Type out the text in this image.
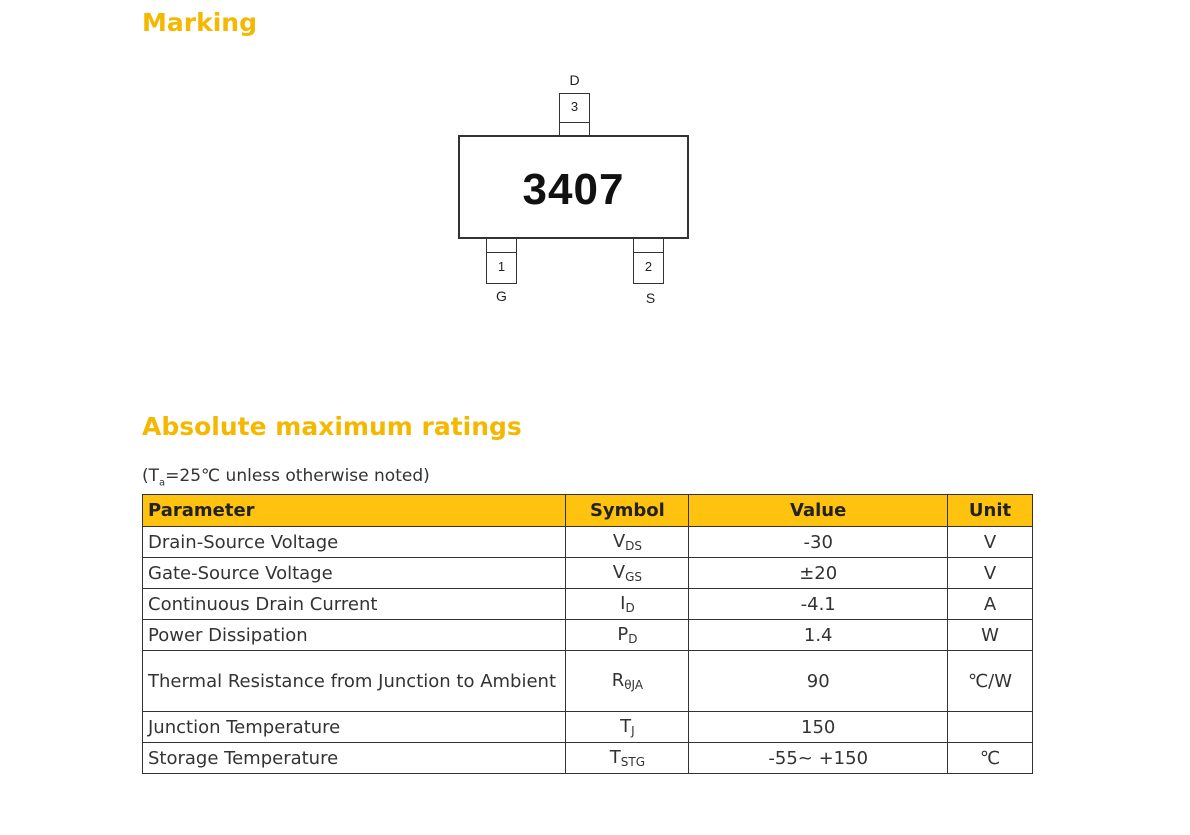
Marking
3
1	2
3407
D
G	S
Absolute maximum ratings
($T_a=25℃$ unless otherwise noted)
Parameter	Symbol	Value	Unit
Drain-Source Voltage	VDS	-30	V
Gate-Source Voltage	VGS	±20	V
Continuous Drain Current	ID	-4.1	A
Power Dissipation	PD	1.4	W
Thermal Resistance from Junction to Ambient	RθJA	90	℃/W
Junction Temperature	TJ	150	
Storage Temperature	TSTG	-55~ +150	℃
